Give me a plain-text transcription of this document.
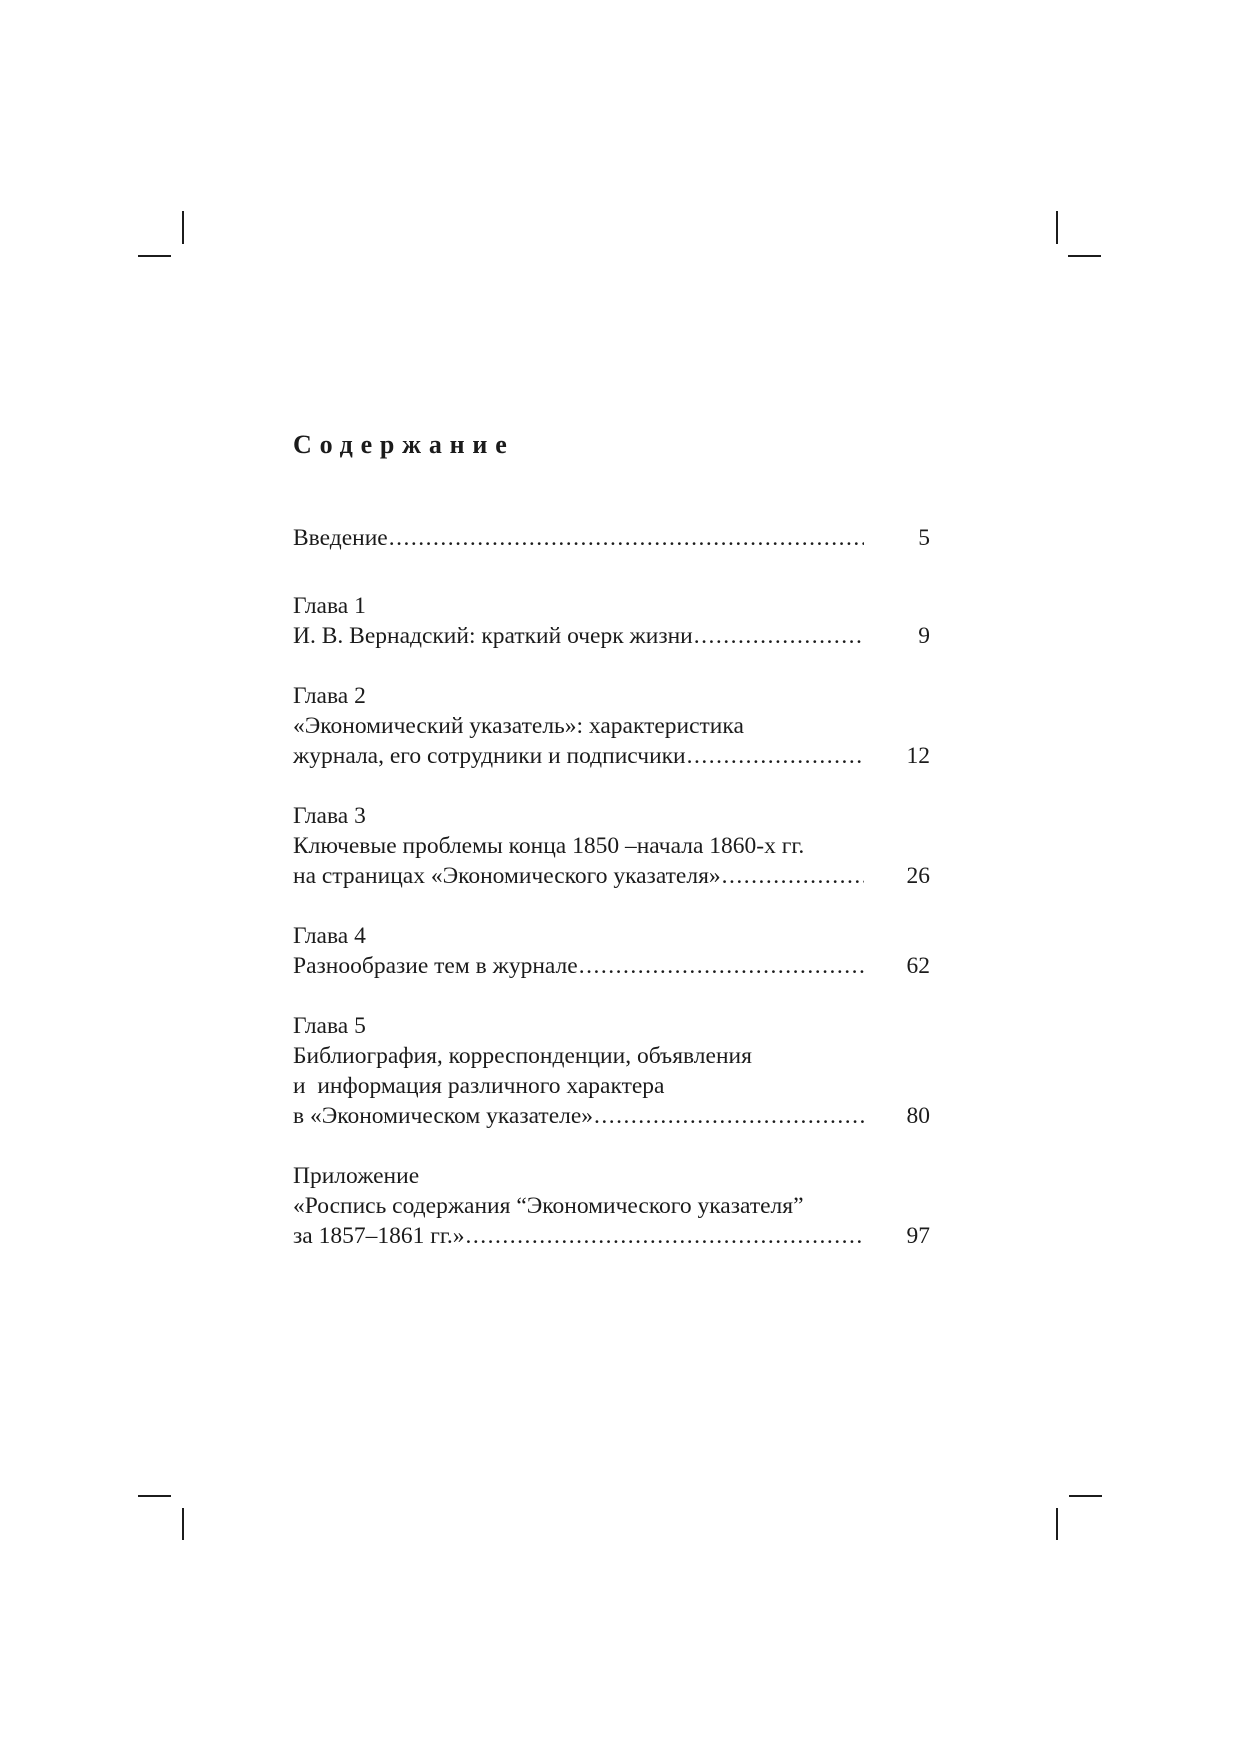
Содержание
Введение .....	5
Глава 1
И. В. Вернадский: краткий очерк жизни .....	9
Глава 2
«Экономический указатель»: характеристика
журнала, его сотрудники и подписчики .....	12
Глава 3
Ключевые проблемы конца 1850 –начала 1860-х гг.
на страницах «Экономического указателя» .....	26
Глава 4
Разнообразие тем в журнале .....	62
Глава 5
Библиография, корреспонденции, объявления
и  информация различного характера
в «Экономическом указателе» .....	80
Приложение
«Роспись содержания “Экономического указателя”
за 1857–1861 гг.» .....	97
